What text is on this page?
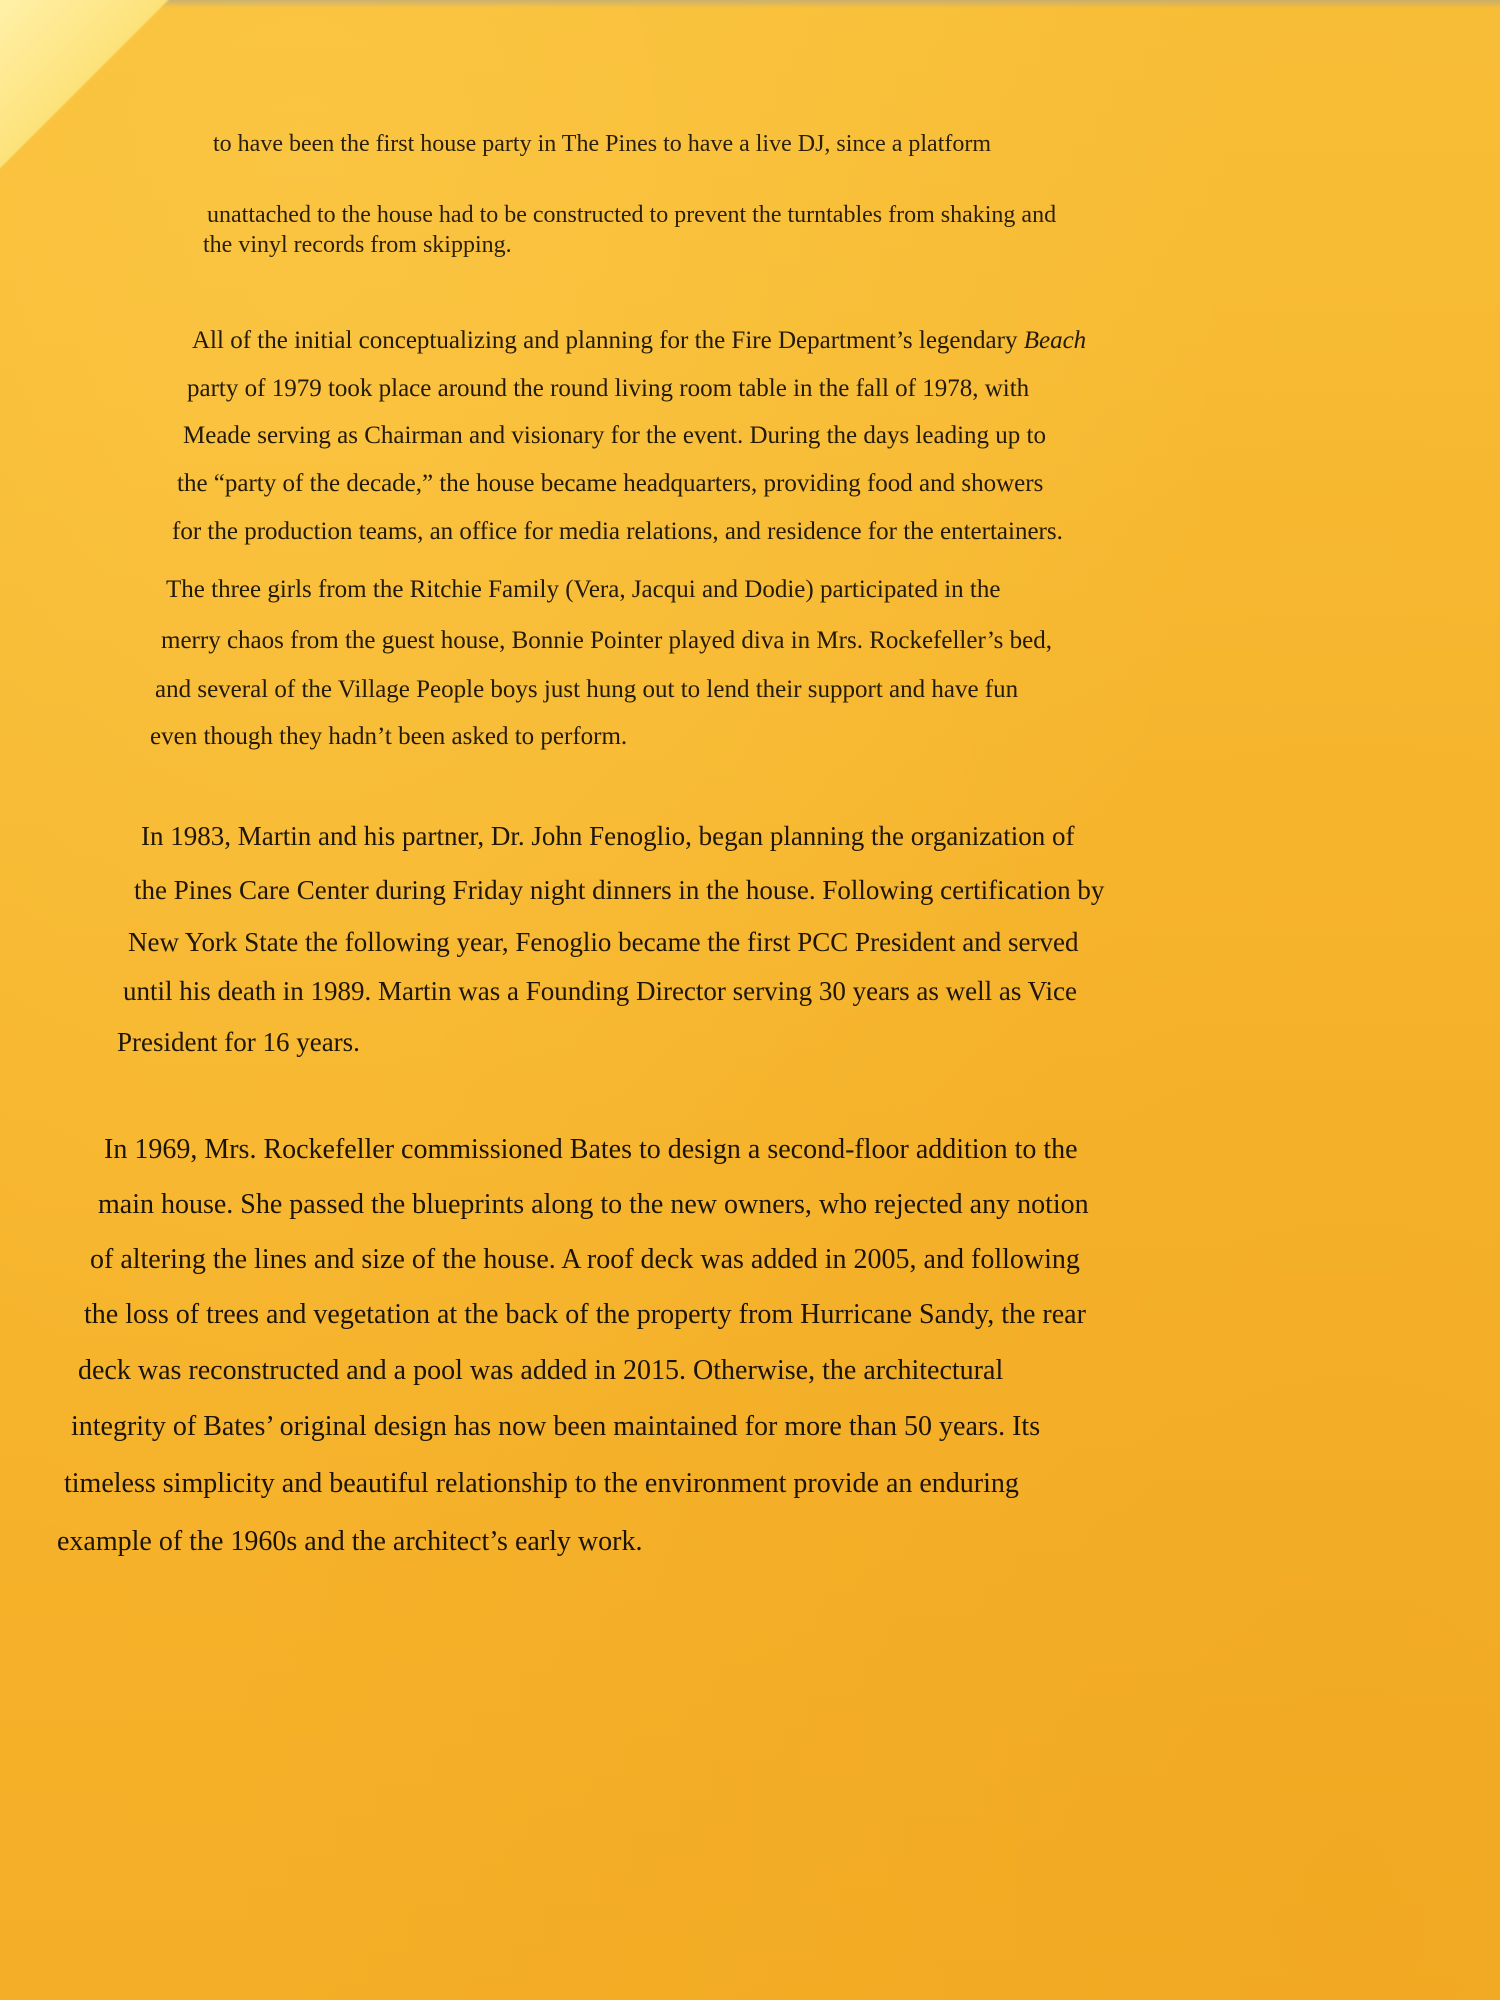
to have been the first house party in The Pines to have a live DJ, since a platform
unattached to the house had to be constructed to prevent the turntables from shaking and
the vinyl records from skipping.
All of the initial conceptualizing and planning for the Fire Department’s legendary Beach
party of 1979 took place around the round living room table in the fall of 1978, with
Meade serving as Chairman and visionary for the event. During the days leading up to
the “party of the decade,” the house became headquarters, providing food and showers
for the production teams, an office for media relations, and residence for the entertainers.
The three girls from the Ritchie Family (Vera, Jacqui and Dodie) participated in the
merry chaos from the guest house, Bonnie Pointer played diva in Mrs. Rockefeller’s bed,
and several of the Village People boys just hung out to lend their support and have fun
even though they hadn’t been asked to perform.
In 1983, Martin and his partner, Dr. John Fenoglio, began planning the organization of
the Pines Care Center during Friday night dinners in the house. Following certification by
New York State the following year, Fenoglio became the first PCC President and served
until his death in 1989. Martin was a Founding Director serving 30 years as well as Vice
President for 16 years.
In 1969, Mrs. Rockefeller commissioned Bates to design a second-floor addition to the
main house. She passed the blueprints along to the new owners, who rejected any notion
of altering the lines and size of the house. A roof deck was added in 2005, and following
the loss of trees and vegetation at the back of the property from Hurricane Sandy, the rear
deck was reconstructed and a pool was added in 2015. Otherwise, the architectural
integrity of Bates’ original design has now been maintained for more than 50 years. Its
timeless simplicity and beautiful relationship to the environment provide an enduring
example of the 1960s and the architect’s early work.
